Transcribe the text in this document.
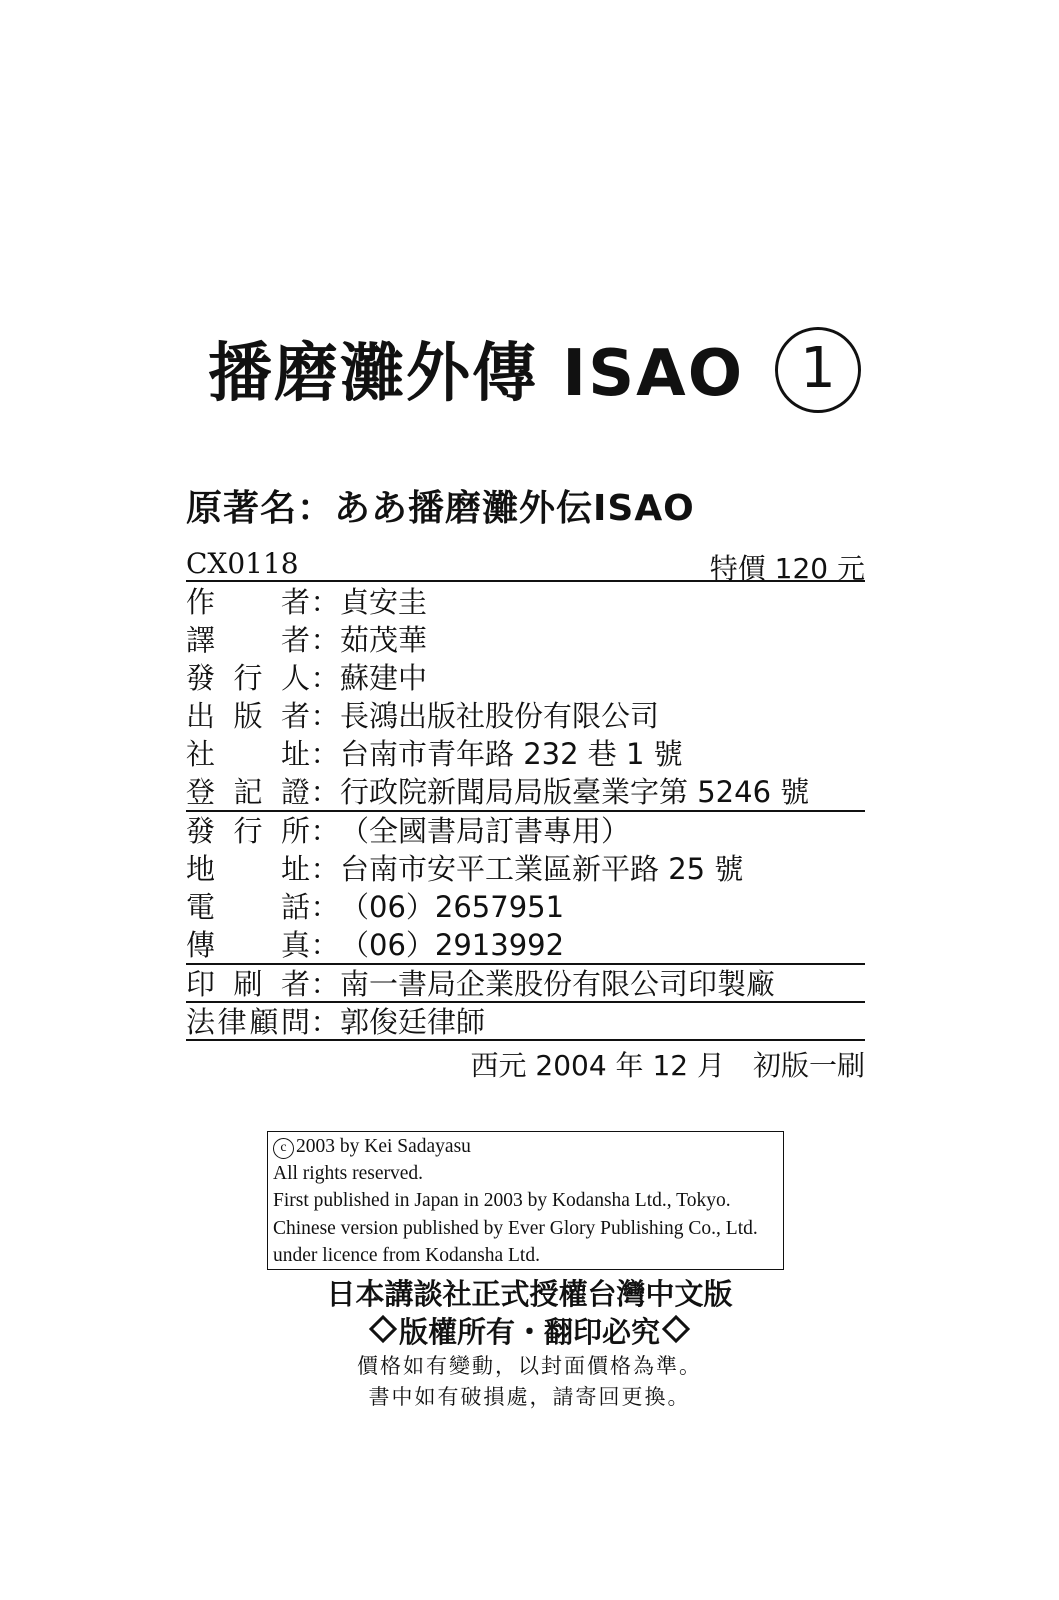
播磨灘外傳 ISAO	1
原著名：ああ播磨灘外伝ISAO
CX0118	特價 120 元
作者：貞安圭
譯者：茹茂華
發行人：蘇建中
出版者：長鴻出版社股份有限公司
社址：台南市青年路 232 巷 1 號
登記證：行政院新聞局局版臺業字第 5246 號
發行所：（全國書局訂書專用）
地址：台南市安平工業區新平路 25 號
電話：（06）2657951
傳真：（06）2913992
印刷者：南一書局企業股份有限公司印製廠
法律顧問：郭俊廷律師
西元 2004 年 12 月　初版一刷
c 2003 by Kei Sadayasu
All rights reserved.
First published in Japan in 2003 by Kodansha Ltd., Tokyo.
Chinese version published by Ever Glory Publishing Co., Ltd.
under licence from Kodansha Ltd.
日本講談社正式授權台灣中文版
版權所有・翻印必究
價格如有變動，以封面價格為準。
書中如有破損處，請寄回更換。
